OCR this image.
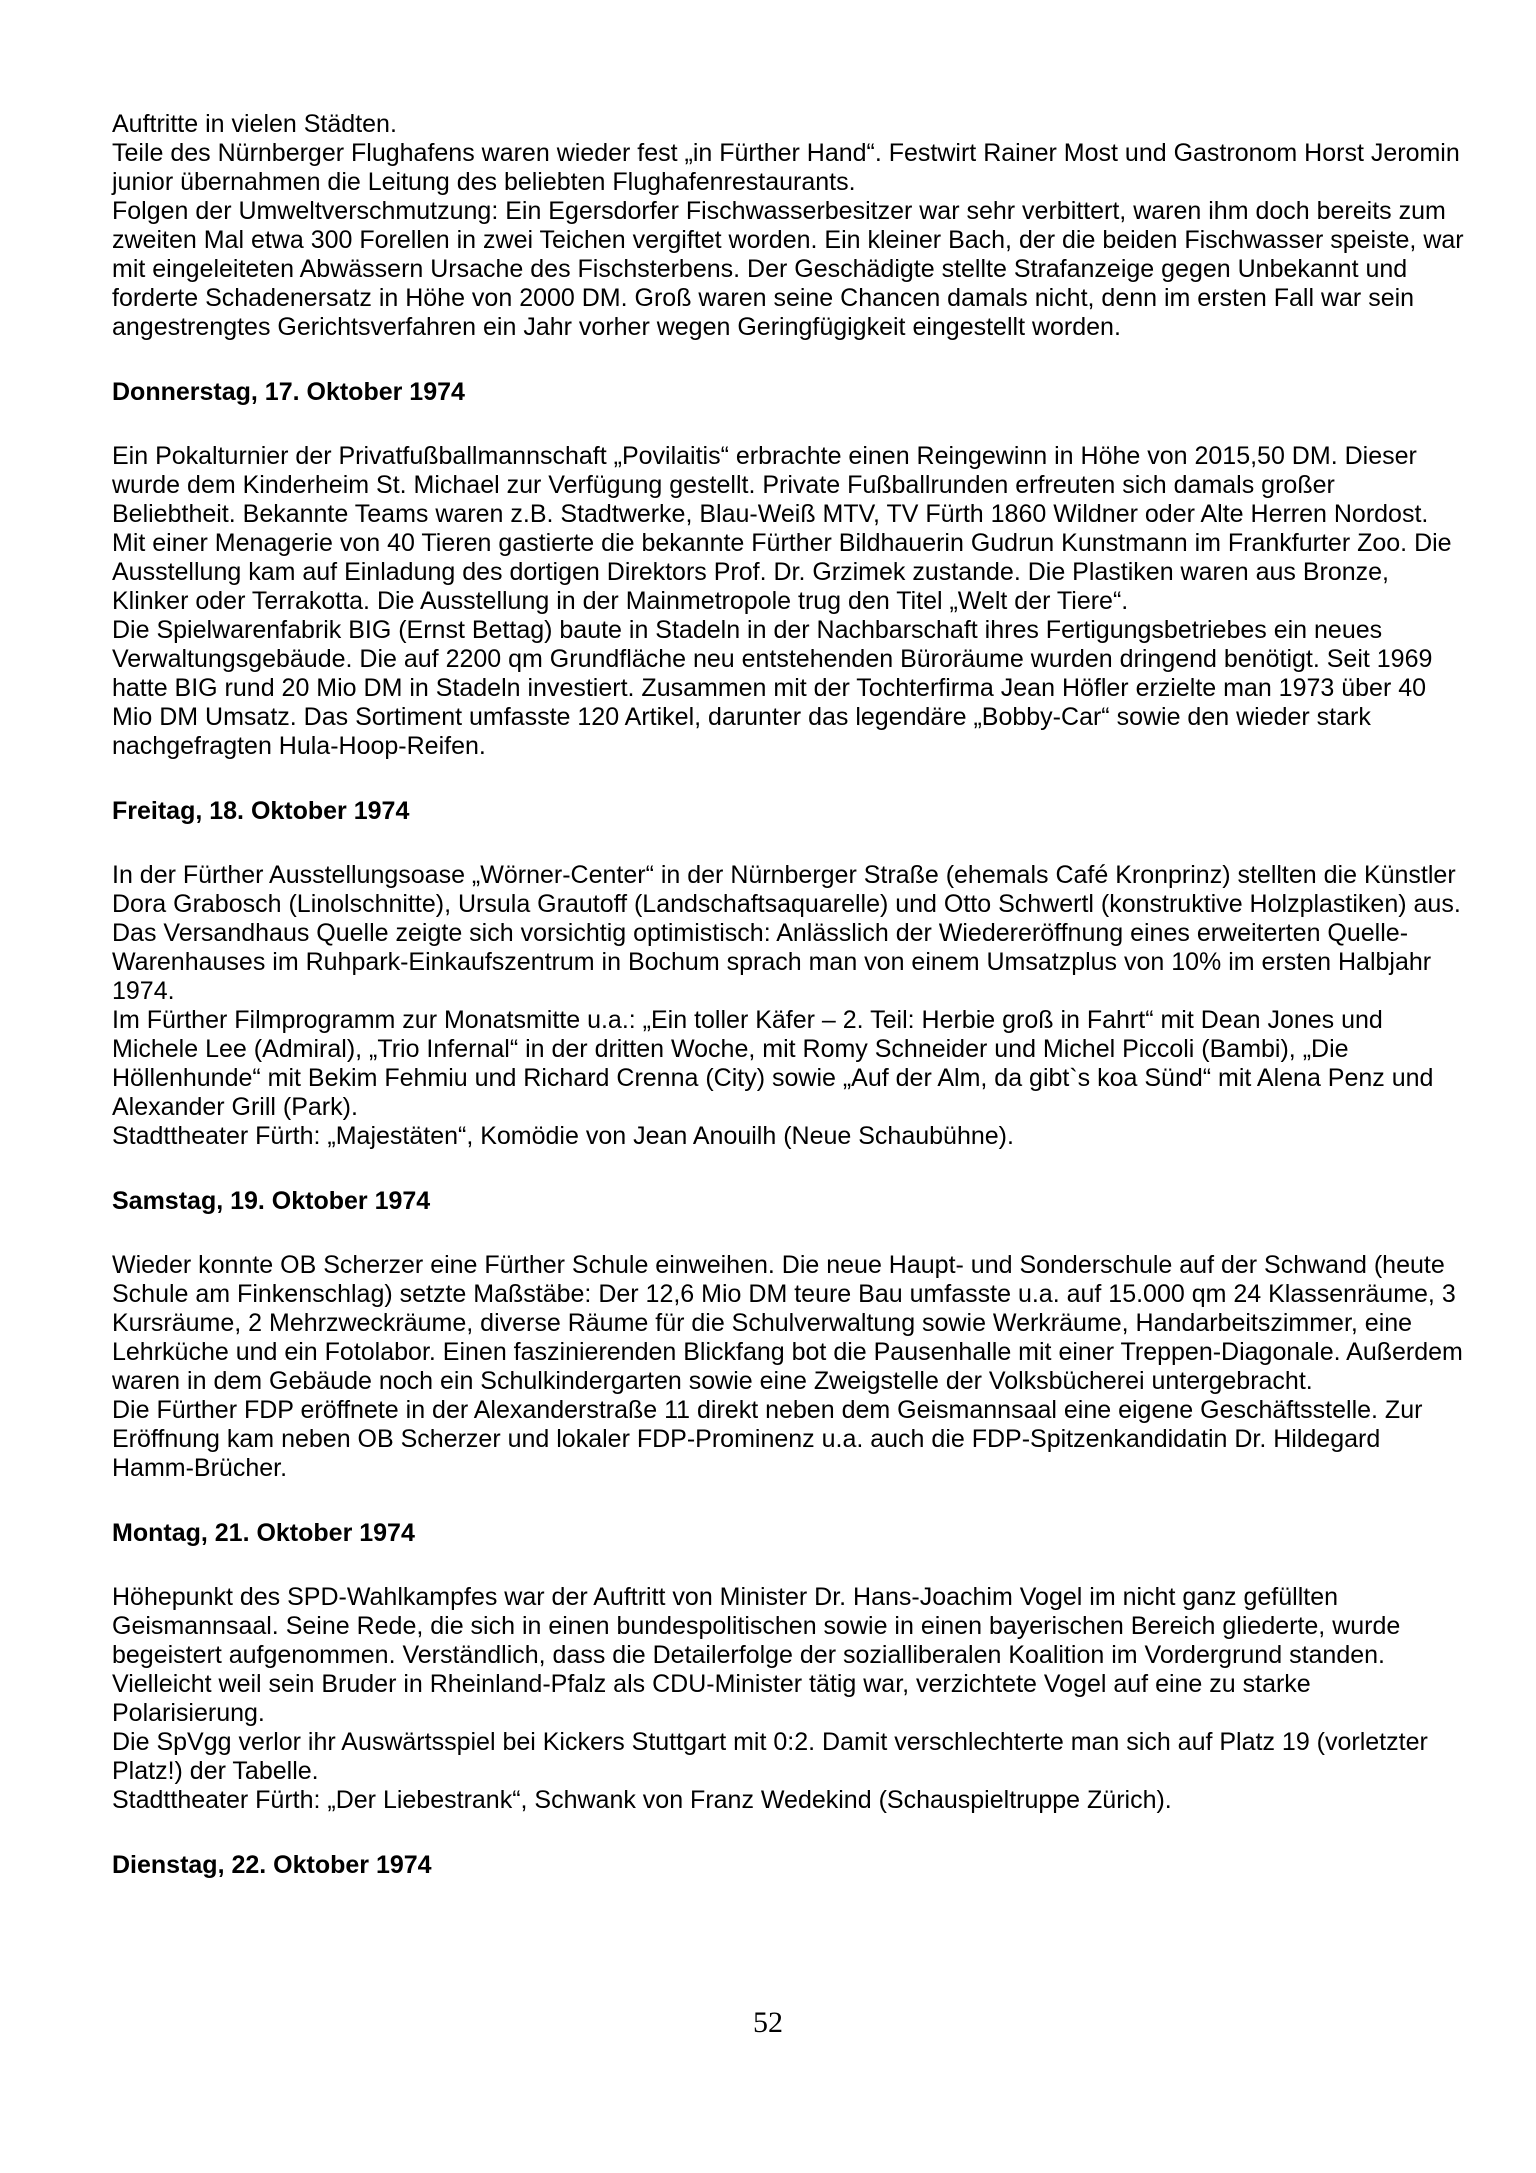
Auftritte in vielen Städten.

Teile des Nürnberger Flughafens waren wieder fest „in Fürther Hand“. Festwirt Rainer Most und Gastronom Horst Jeromin junior übernahmen die Leitung des beliebten Flughafenrestaurants.

Folgen der Umweltverschmutzung: Ein Egersdorfer Fischwasserbesitzer war sehr verbittert, waren ihm doch bereits zum zweiten Mal etwa 300 Forellen in zwei Teichen vergiftet worden. Ein kleiner Bach, der die beiden Fischwasser speiste, war mit eingeleiteten Abwässern Ursache des Fischsterbens. Der Geschädigte stellte Strafanzeige gegen Unbekannt und forderte Schadenersatz in Höhe von 2000 DM. Groß waren seine Chancen damals nicht, denn im ersten Fall war sein angestrengtes Gerichtsverfahren ein Jahr vorher wegen Geringfügigkeit eingestellt worden.

Donnerstag, 17. Oktober 1974

Ein Pokalturnier der Privatfußballmannschaft „Povilaitis“ erbrachte einen Reingewinn in Höhe von 2015,50 DM. Dieser wurde dem Kinderheim St. Michael zur Verfügung gestellt. Private Fußballrunden erfreuten sich damals großer Beliebtheit. Bekannte Teams waren z.B. Stadtwerke, Blau-Weiß MTV, TV Fürth 1860 Wildner oder Alte Herren Nordost.

Mit einer Menagerie von 40 Tieren gastierte die bekannte Fürther Bildhauerin Gudrun Kunstmann im Frankfurter Zoo. Die Ausstellung kam auf Einladung des dortigen Direktors Prof. Dr. Grzimek zustande. Die Plastiken waren aus Bronze, Klinker oder Terrakotta. Die Ausstellung in der Mainmetropole trug den Titel „Welt der Tiere“.

Die Spielwarenfabrik BIG (Ernst Bettag) baute in Stadeln in der Nachbarschaft ihres Fertigungsbetriebes ein neues Verwaltungsgebäude. Die auf 2200 qm Grundfläche neu entstehenden Büroräume wurden dringend benötigt. Seit 1969 hatte BIG rund 20 Mio DM in Stadeln investiert. Zusammen mit der Tochterfirma Jean Höfler erzielte man 1973 über 40 Mio DM Umsatz. Das Sortiment umfasste 120 Artikel, darunter das legendäre „Bobby-Car“ sowie den wieder stark nachgefragten Hula-Hoop-Reifen.

Freitag, 18. Oktober 1974

In der Fürther Ausstellungsoase „Wörner-Center“ in der Nürnberger Straße (ehemals Café Kronprinz) stellten die Künstler Dora Grabosch (Linolschnitte), Ursula Grautoff (Landschaftsaquarelle) und Otto Schwertl (konstruktive Holzplastiken) aus.

Das Versandhaus Quelle zeigte sich vorsichtig optimistisch: Anlässlich der Wiedereröffnung eines erweiterten Quelle-Warenhauses im Ruhpark-Einkaufszentrum in Bochum sprach man von einem Umsatzplus von 10% im ersten Halbjahr 1974.

Im Fürther Filmprogramm zur Monatsmitte u.a.: „Ein toller Käfer – 2. Teil: Herbie groß in Fahrt“ mit Dean Jones und Michele Lee (Admiral), „Trio Infernal“ in der dritten Woche, mit Romy Schneider und Michel Piccoli (Bambi), „Die Höllenhunde“ mit Bekim Fehmiu und Richard Crenna (City) sowie „Auf der Alm, da gibt`s koa Sünd“ mit Alena Penz und Alexander Grill (Park).

Stadttheater Fürth: „Majestäten“, Komödie von Jean Anouilh (Neue Schaubühne).

Samstag, 19. Oktober 1974

Wieder konnte OB Scherzer eine Fürther Schule einweihen. Die neue Haupt- und Sonderschule auf der Schwand (heute Schule am Finkenschlag) setzte Maßstäbe: Der 12,6 Mio DM teure Bau umfasste u.a. auf 15.000 qm 24 Klassenräume, 3 Kursräume, 2 Mehrzweckräume, diverse Räume für die Schulverwaltung sowie Werkräume, Handarbeitszimmer, eine Lehrküche und ein Fotolabor. Einen faszinierenden Blickfang bot die Pausenhalle mit einer Treppen-Diagonale. Außerdem waren in dem Gebäude noch ein Schulkindergarten sowie eine Zweigstelle der Volksbücherei untergebracht.

Die Fürther FDP eröffnete in der Alexanderstraße 11 direkt neben dem Geismannsaal eine eigene Geschäftsstelle. Zur Eröffnung kam neben OB Scherzer und lokaler FDP-Prominenz u.a. auch die FDP-Spitzenkandidatin Dr. Hildegard Hamm-Brücher.

Montag, 21. Oktober 1974

Höhepunkt des SPD-Wahlkampfes war der Auftritt von Minister Dr. Hans-Joachim Vogel im nicht ganz gefüllten Geismannsaal. Seine Rede, die sich in einen bundespolitischen sowie in einen bayerischen Bereich gliederte, wurde begeistert aufgenommen. Verständlich, dass die Detailerfolge der sozialliberalen Koalition im Vordergrund standen. Vielleicht weil sein Bruder in Rheinland-Pfalz als CDU-Minister tätig war, verzichtete Vogel auf eine zu starke Polarisierung.

Die SpVgg verlor ihr Auswärtsspiel bei Kickers Stuttgart mit 0:2. Damit verschlechterte man sich auf Platz 19 (vorletzter Platz!) der Tabelle.

Stadttheater Fürth: „Der Liebestrank“, Schwank von Franz Wedekind (Schauspieltruppe Zürich).

Dienstag, 22. Oktober 1974
52
